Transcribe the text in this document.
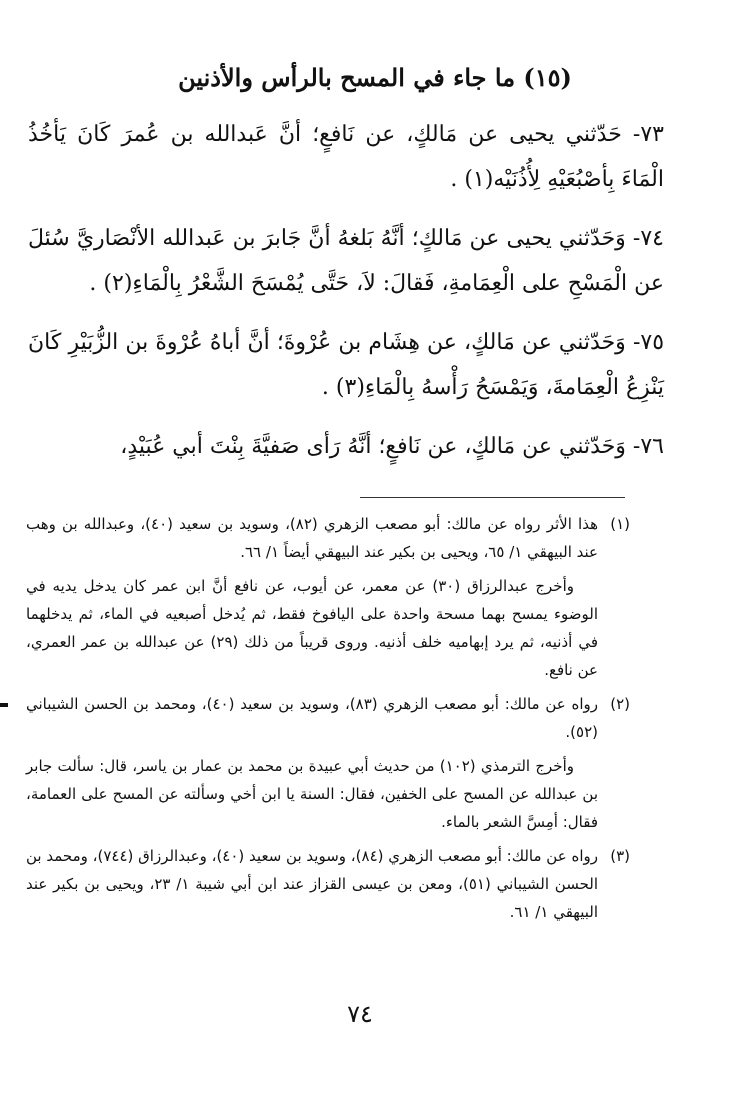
(١٥) ما جاء في المسح بالرأس والأذنين

٧٣- حَدّثني يحيى عن مَالكٍ، عن نَافعٍ؛ أنَّ عَبدالله بن عُمرَ كَانَ يَأخُذُ الْمَاءَ بِأصْبُعَيْهِ لِأُذُنَيْه(١) .

٧٤- وَحَدّثني يحيى عن مَالكٍ؛ أنَّهُ بَلغهُ أنَّ جَابرَ بن عَبدالله الأنْصَاريَّ سُئلَ عن الْمَسْحِ على الْعِمَامةِ، فَقالَ: لاَ، حَتَّى يُمْسَحَ الشَّعْرُ بِالْمَاءِ(٢) .

٧٥- وَحَدّثني عن مَالكٍ، عن هِشَام بن عُرْوةَ؛ أنَّ أباهُ عُرْوةَ بن الزُّبَيْرِ كَانَ يَنْزِعُ الْعِمَامةَ، وَيَمْسَحُ رَأْسهُ بِالْمَاءِ(٣) .

٧٦- وَحَدّثني عن مَالكٍ، عن نَافعٍ؛ أنَّهُ رَأى صَفيَّةَ بِنْتَ أبي عُبَيْدٍ،

(١)

هذا الأثر رواه عن مالك: أبو مصعب الزهري (٨٢)، وسويد بن سعيد (٤٠)، وعبدالله بن وهب عند البيهقي ١/ ٦٥، ويحيى بن بكير عند البيهقي أيضاً ١/ ٦٦.

وأخرج عبدالرزاق (٣٠) عن معمر، عن أيوب، عن نافع أنَّ ابن عمر كان يدخل يديه في الوضوء يمسح بهما مسحة واحدة على اليافوخ فقط، ثم يُدخل أصبعيه في الماء، ثم يدخلهما في أذنيه، ثم يرد إبهاميه خلف أذنيه. وروى قريباً من ذلك (٢٩) عن عبدالله بن عمر العمري، عن نافع.

(٢)

رواه عن مالك: أبو مصعب الزهري (٨٣)، وسويد بن سعيد (٤٠)، ومحمد بن الحسن الشيباني (٥٢).

وأخرج الترمذي (١٠٢) من حديث أبي عبيدة بن محمد بن عمار بن ياسر، قال: سألت جابر بن عبدالله عن المسح على الخفين، فقال: السنة يا ابن أخي وسألته عن المسح على العمامة، فقال: أمِسَّ الشعر بالماء.

(٣)

رواه عن مالك: أبو مصعب الزهري (٨٤)، وسويد بن سعيد (٤٠)، وعبدالرزاق (٧٤٤)، ومحمد بن الحسن الشيباني (٥١)، ومعن بن عيسى القزاز عند ابن أبي شيبة ١/ ٢٣، ويحيى بن بكير عند البيهقي ١/ ٦١.

٧٤
